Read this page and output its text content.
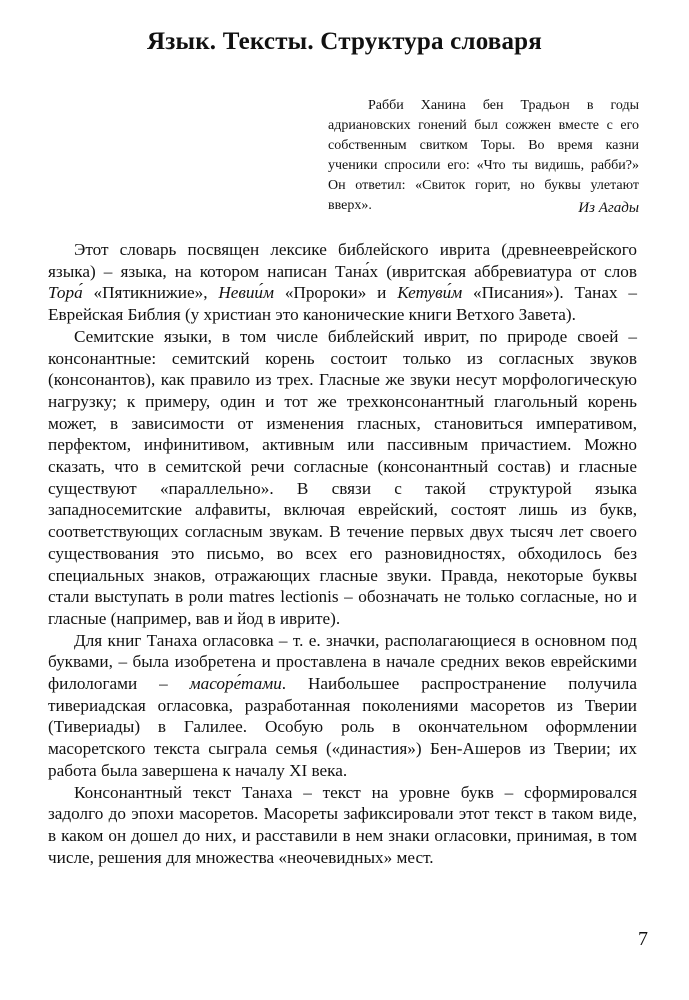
Язык. Тексты. Структура словаря

Рабби Ханина бен Традьон в годы адриановских гонений был сожжен вместе с его собственным свитком Торы. Во время казни ученики спросили его: «Что ты видишь, рабби?» Он ответил: «Свиток горит, но буквы улетают вверх».	Из Агады

Этот словарь посвящен лексике библейского иврита (древнееврейского языка) – языка, на котором написан Тана́х (ивритская аббревиатура от слов Тора́ «Пятикнижие», Невии́м «Пророки» и Кетуви́м «Писания»). Танах – Еврейская Библия (у христиан это канонические книги Ветхого Завета).

Семитские языки, в том числе библейский иврит, по природе своей – консонантные: семитский корень состоит только из согласных звуков (консонантов), как правило из трех. Гласные же звуки несут морфологическую нагрузку; к примеру, один и тот же трехконсонантный глагольный корень может, в зависимости от изменения гласных, становиться императивом, перфектом, инфинитивом, активным или пассивным причастием. Можно сказать, что в семитской речи согласные (консонантный состав) и гласные существуют «параллельно». В связи с такой структурой языка западносемитские алфавиты, включая еврейский, состоят лишь из букв, соответствующих согласным звукам. В течение первых двух тысяч лет своего существования это письмо, во всех его разновидностях, обходилось без специальных знаков, отражающих гласные звуки. Правда, некоторые буквы стали выступать в роли matres lectionis – обозначать не только согласные, но и гласные (например, вав и йод в иврите).

Для книг Танаха огласовка – т. е. значки, располагающиеся в основном под буквами, – была изобретена и проставлена в начале средних веков еврейскими филологами – масоре́тами. Наибольшее распространение получила тивериадская огласовка, разработанная поколениями масоретов из Тверии (Тивериады) в Галилее. Особую роль в окончательном оформлении масоретского текста сыграла семья («династия») Бен-Ашеров из Тверии; их работа была завершена к началу XI века.

Консонантный текст Танаха – текст на уровне букв – сформировался задолго до эпохи масоретов. Масореты зафиксировали этот текст в таком виде, в каком он дошел до них, и расставили в нем знаки огласовки, принимая, в том числе, решения для множества «неочевидных» мест.

7
